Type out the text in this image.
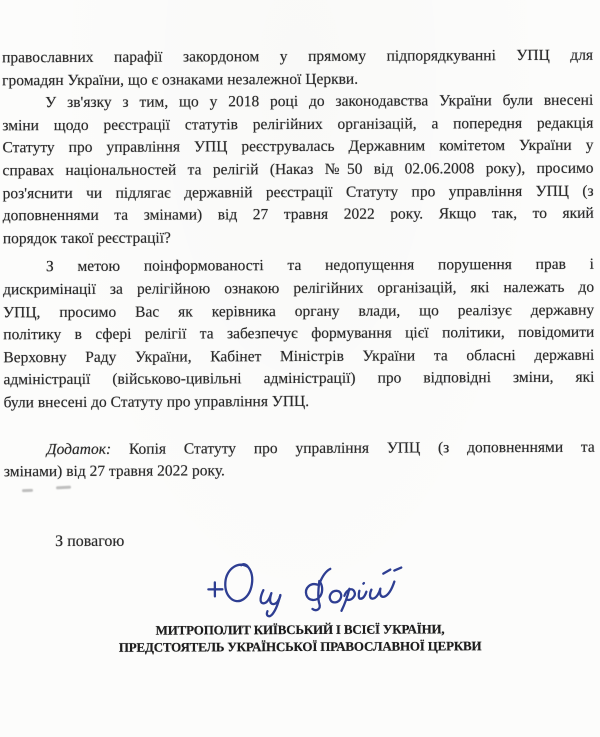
православних парафії закордоном у прямому підпорядкуванні УПЦ для
громадян України, що є ознаками незалежної Церкви.

У зв'язку з тим, що у 2018 році до законодавства України були внесені
зміни щодо реєстрації статутів релігійних організацій, а попередня редакція
Статуту про управління УПЦ реєструвалась Державним комітетом України у
справах національностей та релігій (Наказ №50 від 02.06.2008 року), просимо
роз'яснити чи підлягає державній реєстрації Статуту про управління УПЦ (з
доповненнями та змінами) від 27 травня 2022 року. Якщо так, то який
порядок такої реєстрації?

З метою поінформованості та недопущення порушення прав і
дискримінації за релігійною ознакою релігійних організацій, які належать до
УПЦ, просимо Вас як керівника органу влади, що реалізує державну
політику в сфері релігії та забезпечує формування цієї політики, повідомити
Верховну Раду України, Кабінет Міністрів України та обласні державні
адміністрації (військово-цивільні адміністрації) про відповідні зміни, які
були внесені до Статуту про управління УПЦ.

Додаток: Копія Статуту про управління УПЦ (з доповненнями та
змінами) від 27 травня 2022 року.

З повагою
МИТРОПОЛИТ КИЇВСЬКИЙ І ВСІЄЇ УКРАЇНИ,
ПРЕДСТОЯТЕЛЬ УКРАЇНСЬКОЇ ПРАВОСЛАВНОЇ ЦЕРКВИ
